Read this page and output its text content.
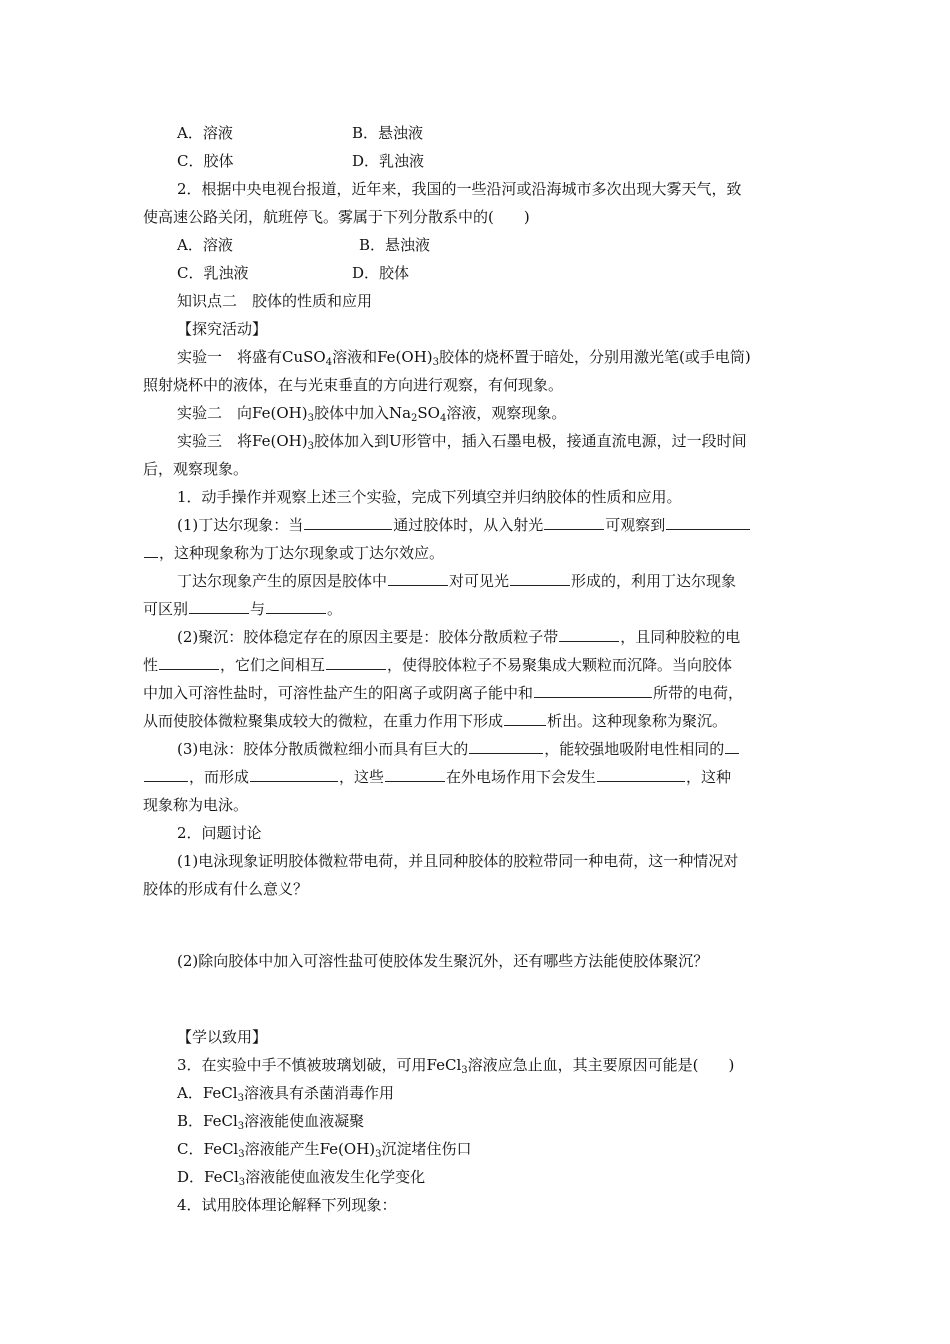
A．溶液	B．悬浊液
C．胶体	D．乳浊液
2．根据中央电视台报道，近年来，我国的一些沿河或沿海城市多次出现大雾天气，致
使高速公路关闭，航班停飞。雾属于下列分散系中的(　　)
A．溶液	B．悬浊液
C．乳浊液	D．胶体
知识点二　胶体的性质和应用
【探究活动】
实验一　将盛有CuSO$_4$溶液和$Fe(OH)_3$胶体的烧杯置于暗处，分别用激光笔(或手电筒)
照射烧杯中的液体，在与光束垂直的方向进行观察，有何现象。
实验二　向$Fe(OH)_3$胶体中加入$Na_2SO_4$溶液，观察现象。
实验三　将$Fe(OH)_3$胶体加入到U形管中，插入石墨电极，接通直流电源，过一段时间
后，观察现象。
1．动手操作并观察上述三个实验，完成下列填空并归纳胶体的性质和应用。
(1)丁达尔现象：当	通过胶体时，从入射光	可观察到
，这种现象称为丁达尔现象或丁达尔效应。
丁达尔现象产生的原因是胶体中	对可见光	形成的，利用丁达尔现象
可区别	与	。
(2)聚沉：胶体稳定存在的原因主要是：胶体分散质粒子带	，且同种胶粒的电
性	，它们之间相互	，使得胶体粒子不易聚集成大颗粒而沉降。当向胶体
中加入可溶性盐时，可溶性盐产生的阳离子或阴离子能中和	所带的电荷，
从而使胶体微粒聚集成较大的微粒，在重力作用下形成	析出。这种现象称为聚沉。
(3)电泳：胶体分散质微粒细小而具有巨大的	，能较强地吸附电性相同的
，而形成	，这些	在外电场作用下会发生	，这种
现象称为电泳。
2．问题讨论
(1)电泳现象证明胶体微粒带电荷，并且同种胶体的胶粒带同一种电荷，这一种情况对
胶体的形成有什么意义？
(2)除向胶体中加入可溶性盐可使胶体发生聚沉外，还有哪些方法能使胶体聚沉？
【学以致用】
3．在实验中手不慎被玻璃划破，可用FeCl$_3$溶液应急止血，其主要原因可能是(　　)
A．FeCl$_3$溶液具有杀菌消毒作用
B．FeCl$_3$溶液能使血液凝聚
C．FeCl$_3$溶液能产生$Fe(OH)_3$沉淀堵住伤口
D．FeCl$_3$溶液能使血液发生化学变化
4．试用胶体理论解释下列现象：
